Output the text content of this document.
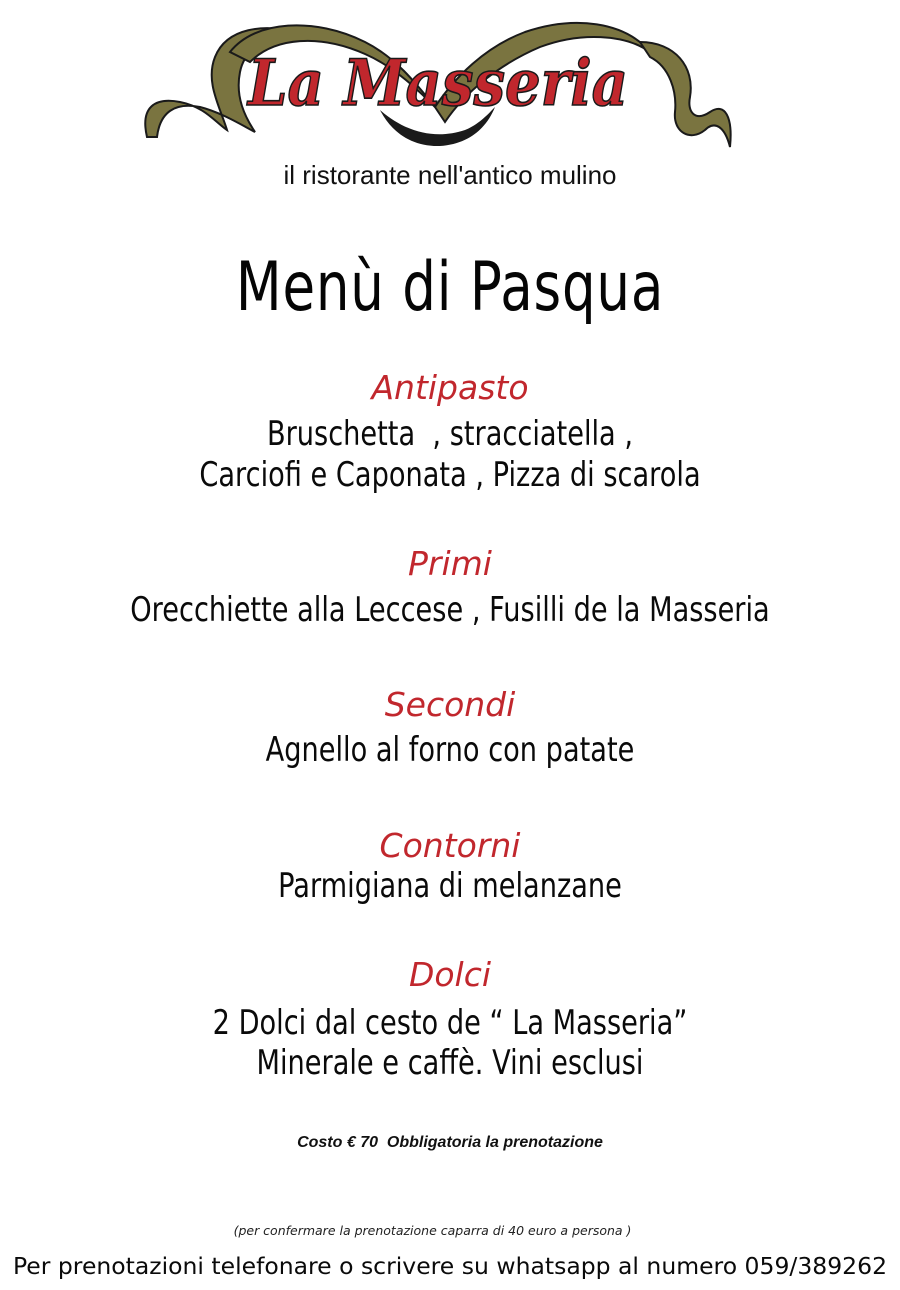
La Masseria
il ristorante nell'antico mulino
Menù di Pasqua
Antipasto
Bruschetta  , stracciatella ,
Carciofi e Caponata , Pizza di scarola
Primi
Orecchiette alla Leccese , Fusilli de la Masseria
Secondi
Agnello al forno con patate
Contorni
Parmigiana di melanzane
Dolci
2 Dolci dal cesto de “ La Masseria”
Minerale e caffè. Vini esclusi
Costo € 70  Obbligatoria la prenotazione
(per confermare la prenotazione caparra di 40 euro a persona )
Per prenotazioni telefonare o scrivere su whatsapp al numero 059/389262
